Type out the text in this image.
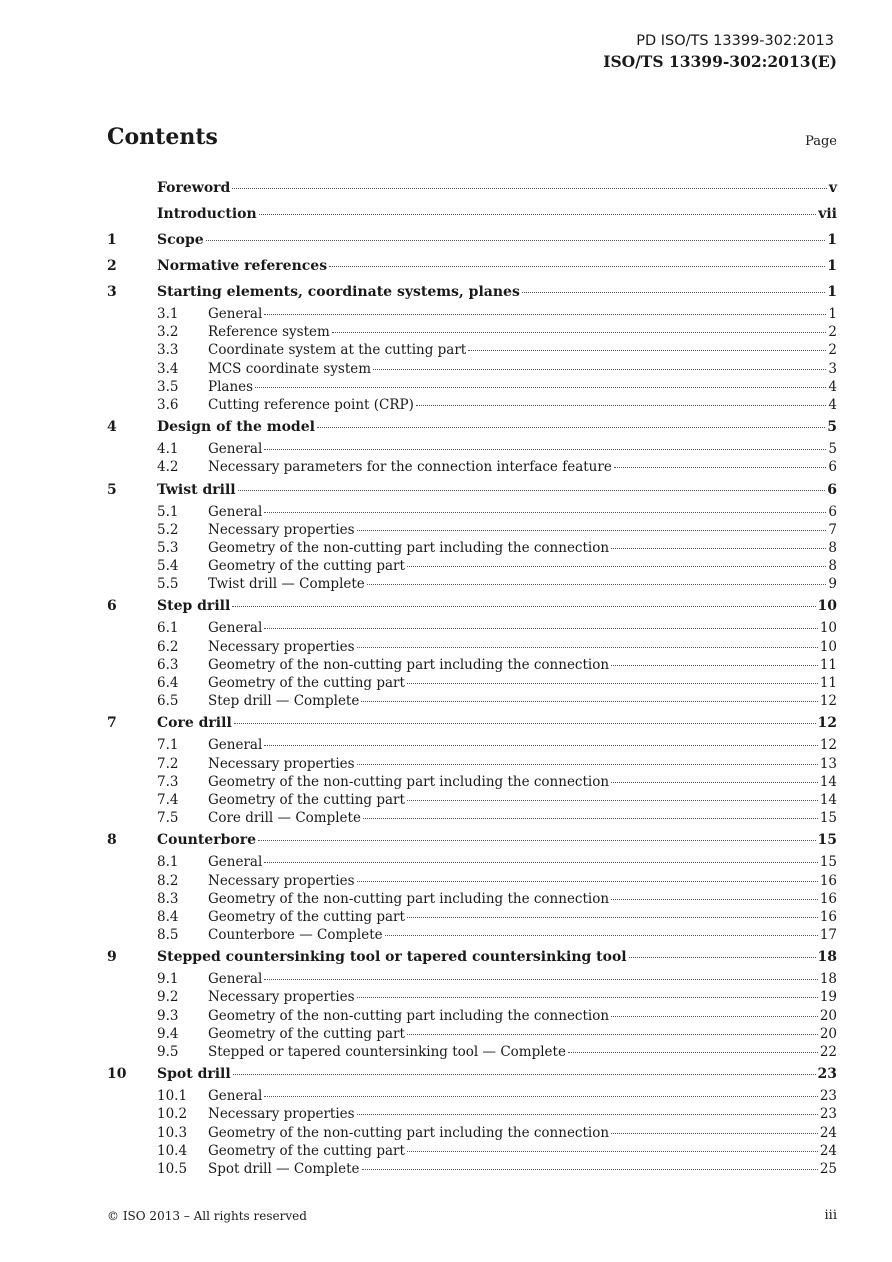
PD ISO/TS 13399-302:2013
ISO/TS 13399-302:2013(E)
Contents	Page
Foreword	v
Introduction	vii
1	Scope	1
2	Normative references	1
3	Starting elements, coordinate systems, planes	1
3.1	General	1
3.2	Reference system	2
3.3	Coordinate system at the cutting part	2
3.4	MCS coordinate system	3
3.5	Planes	4
3.6	Cutting reference point (CRP)	4
4	Design of the model	5
4.1	General	5
4.2	Necessary parameters for the connection interface feature	6
5	Twist drill	6
5.1	General	6
5.2	Necessary properties	7
5.3	Geometry of the non-cutting part including the connection	8
5.4	Geometry of the cutting part	8
5.5	Twist drill — Complete	9
6	Step drill	10
6.1	General	10
6.2	Necessary properties	10
6.3	Geometry of the non-cutting part including the connection	11
6.4	Geometry of the cutting part	11
6.5	Step drill — Complete	12
7	Core drill	12
7.1	General	12
7.2	Necessary properties	13
7.3	Geometry of the non-cutting part including the connection	14
7.4	Geometry of the cutting part	14
7.5	Core drill — Complete	15
8	Counterbore	15
8.1	General	15
8.2	Necessary properties	16
8.3	Geometry of the non-cutting part including the connection	16
8.4	Geometry of the cutting part	16
8.5	Counterbore — Complete	17
9	Stepped countersinking tool or tapered countersinking tool	18
9.1	General	18
9.2	Necessary properties	19
9.3	Geometry of the non-cutting part including the connection	20
9.4	Geometry of the cutting part	20
9.5	Stepped or tapered countersinking tool — Complete	22
10	Spot drill	23
10.1	General	23
10.2	Necessary properties	23
10.3	Geometry of the non-cutting part including the connection	24
10.4	Geometry of the cutting part	24
10.5	Spot drill — Complete	25
© ISO 2013 – All rights reserved	iii
